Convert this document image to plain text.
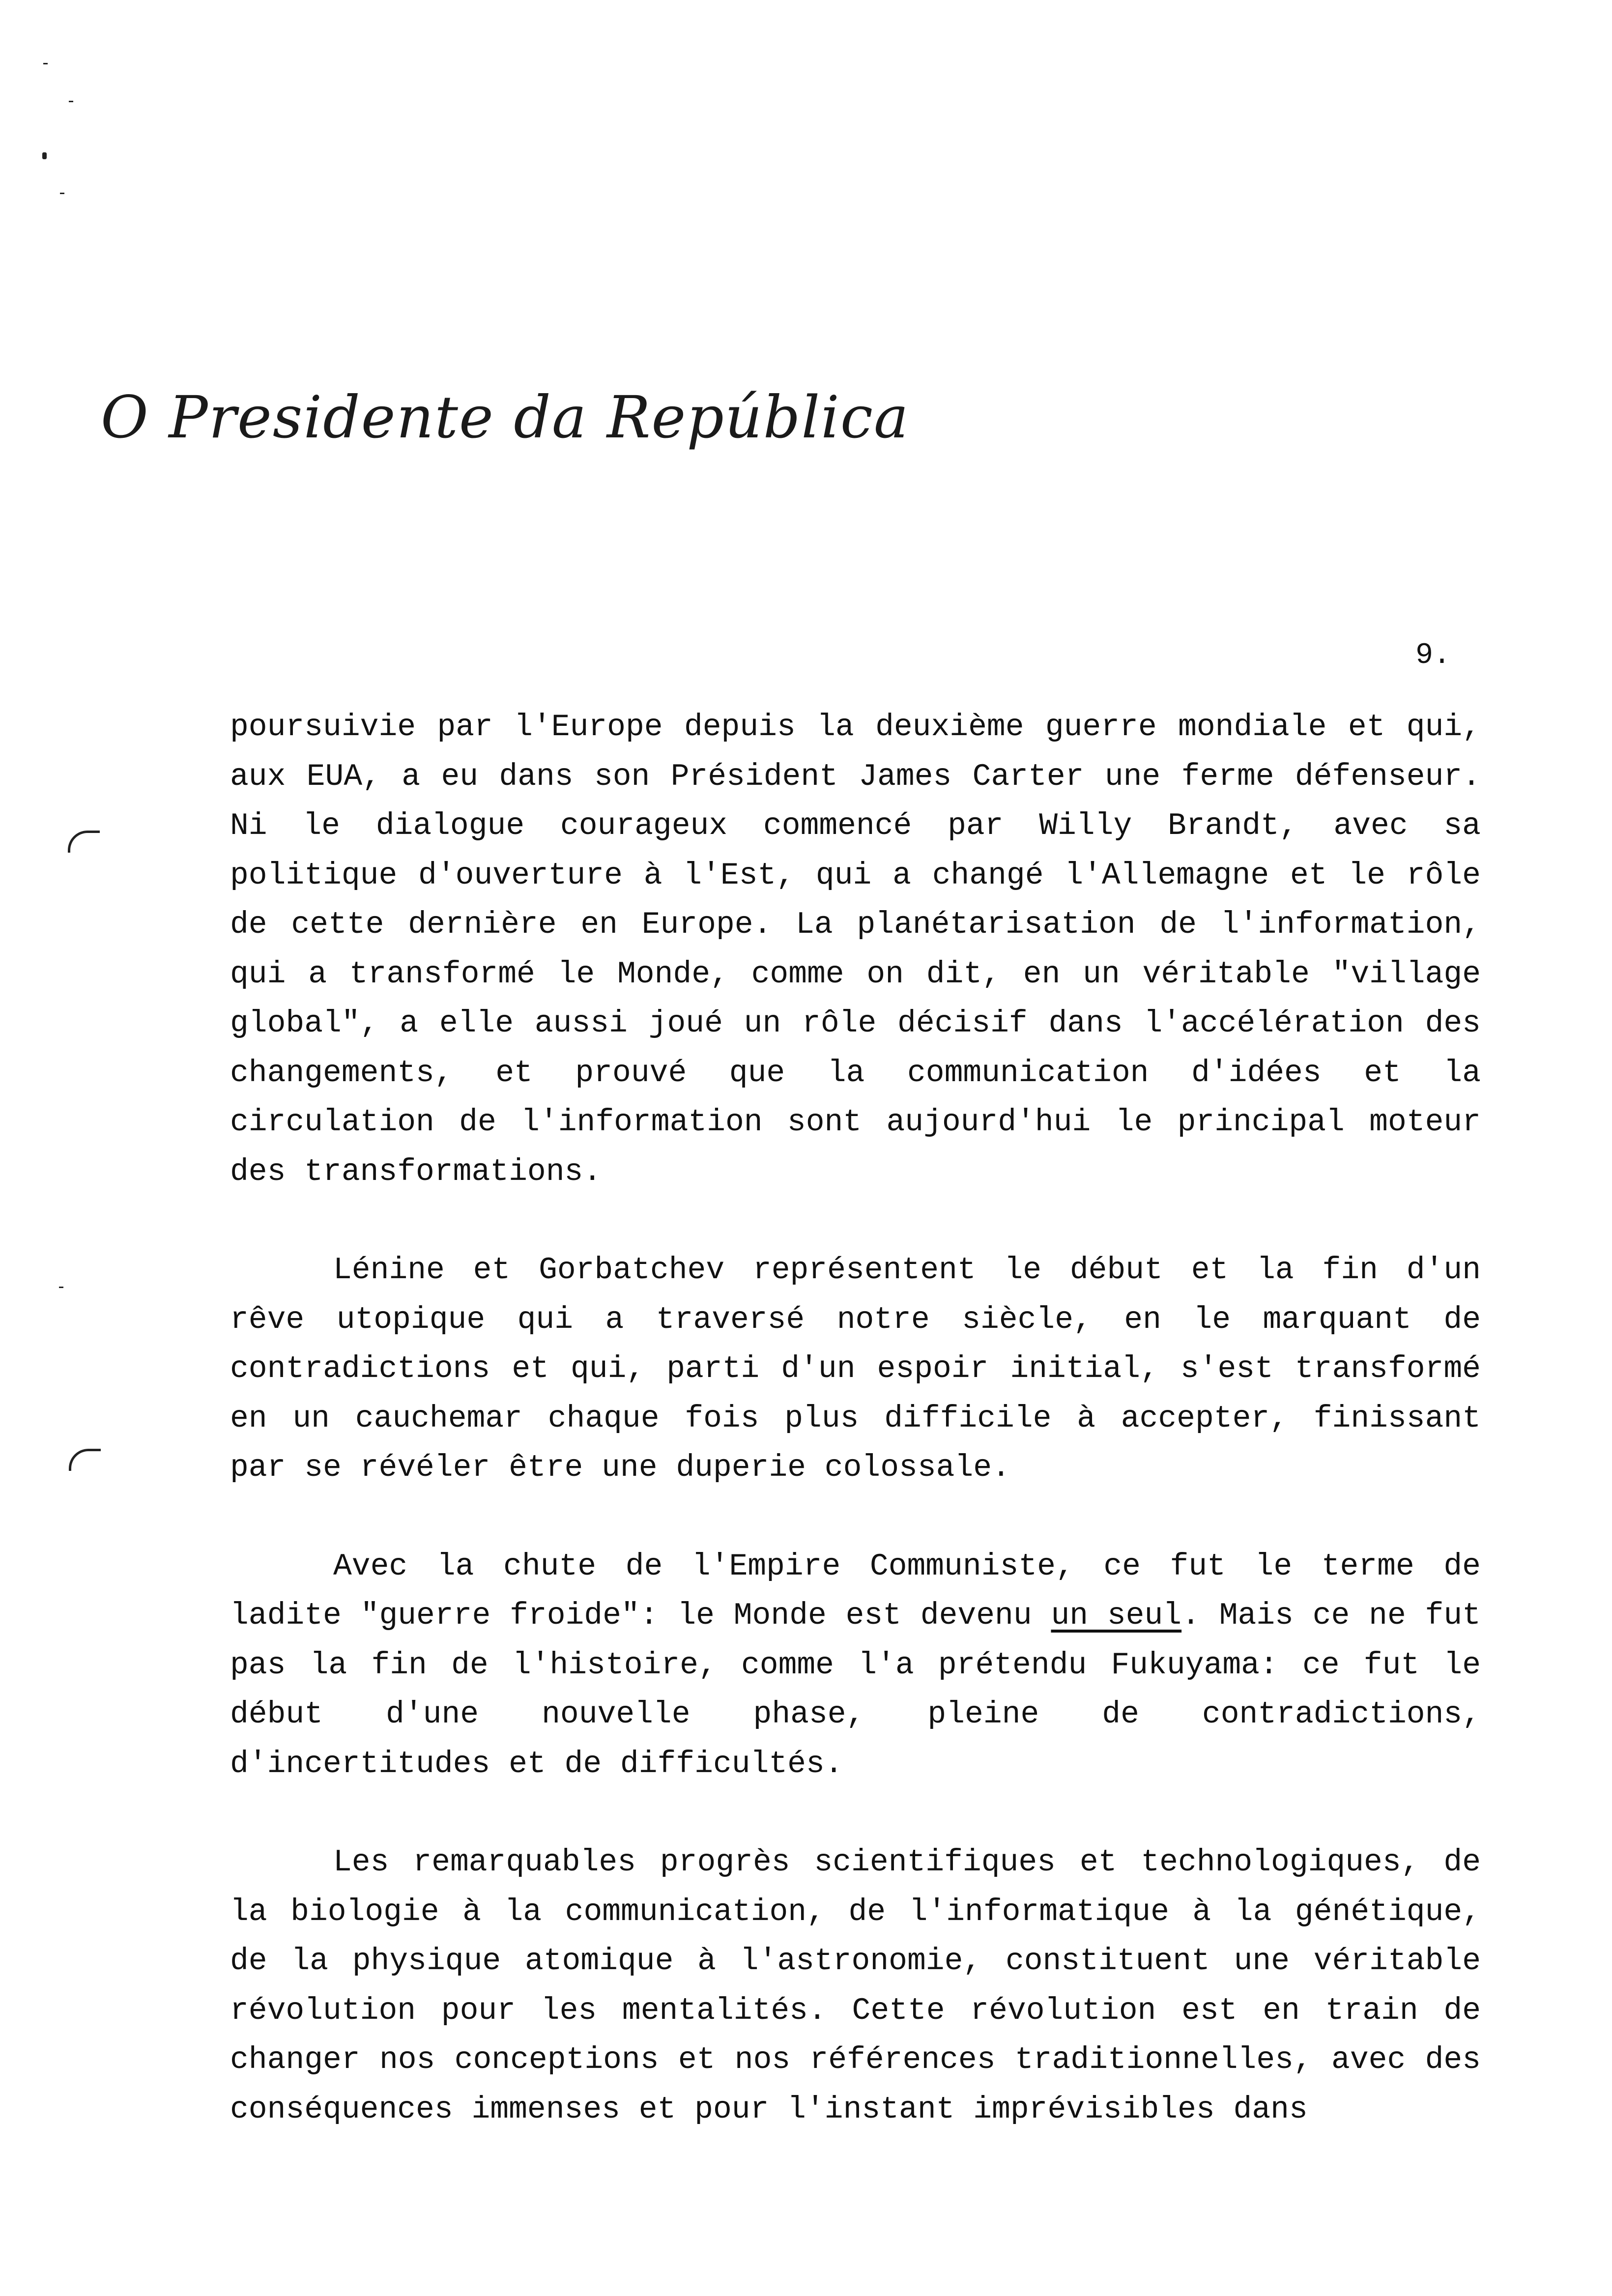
O Presidente da República
9.

poursuivie par l'Europe depuis la deuxième guerre mondiale et qui, aux EUA, a eu dans son Président James Carter une ferme défenseur. Ni le dialogue courageux commencé par Willy Brandt, avec sa politique d'ouverture à l'Est, qui a changé l'Allemagne et le rôle de cette dernière en Europe. La planétarisation de l'information, qui a transformé le Monde, comme on dit, en un véritable "village global", a elle aussi joué un rôle décisif dans l'accélération des changements, et prouvé que la communication d'idées et la circulation de l'information sont aujourd'hui le principal moteur des transformations.

Lénine et Gorbatchev représentent le début et la fin d'un rêve utopique qui a traversé notre siècle, en le marquant de contradictions et qui, parti d'un espoir initial, s'est transformé en un cauchemar chaque fois plus difficile à accepter, finissant par se révéler être une duperie colossale.

Avec la chute de l'Empire Communiste, ce fut le terme de ladite "guerre froide": le Monde est devenu un seul. Mais ce ne fut pas la fin de l'histoire, comme l'a prétendu Fukuyama: ce fut le début d'une nouvelle phase, pleine de contradictions, d'incertitudes et de difficultés.

Les remarquables progrès scientifiques et technologiques, de la biologie à la communication, de l'informatique à la génétique, de la physique atomique à l'astronomie, constituent une véritable révolution pour les mentalités. Cette révolution est en train de changer nos conceptions et nos références traditionnelles, avec des conséquences immenses et pour l'instant imprévisibles dans
